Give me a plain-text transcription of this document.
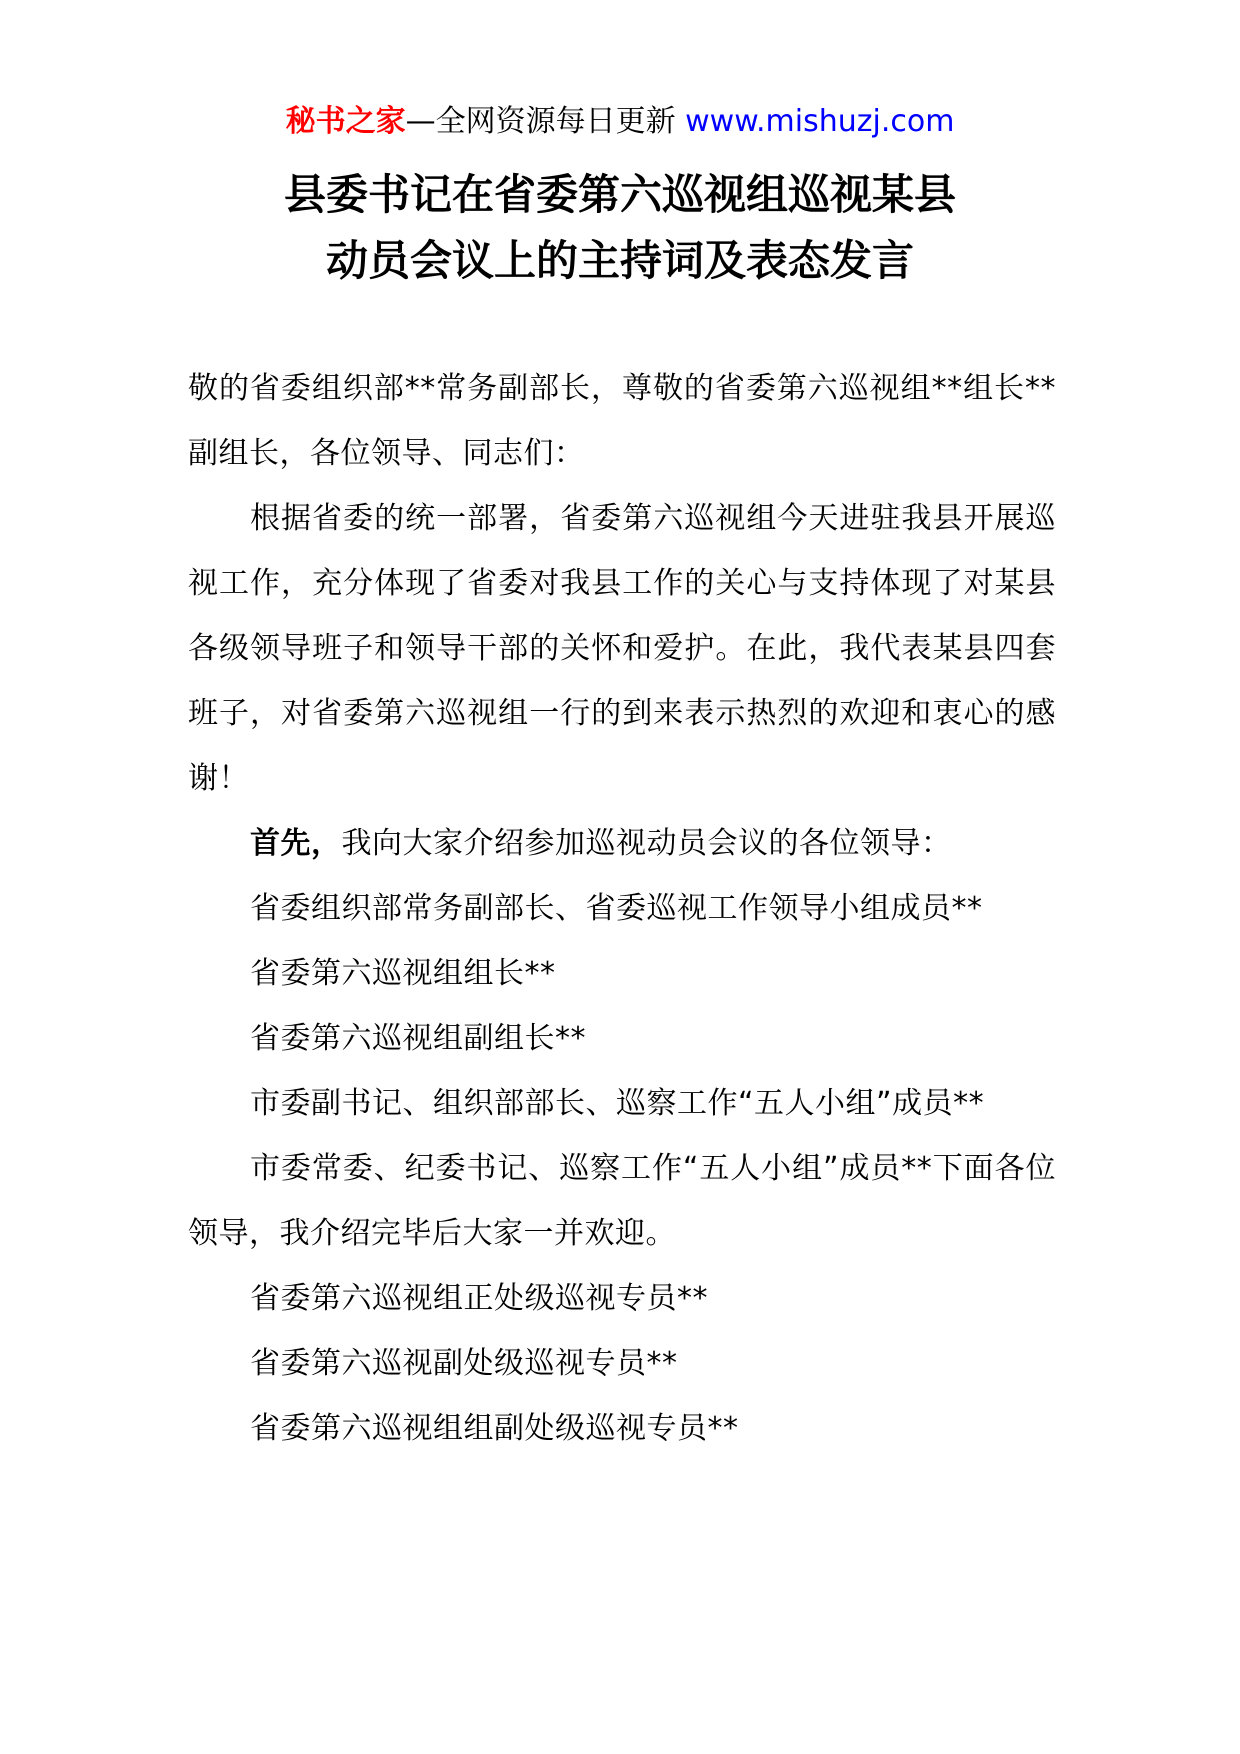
秘书之家—全网资源每日更新 www.mishuzj.com
县委书记在省委第六巡视组巡视某县
动员会议上的主持词及表态发言

敬的省委组织部**常务副部长，尊敬的省委第六巡视组**组长**副组长，各位领导、同志们：

根据省委的统一部署，省委第六巡视组今天进驻我县开展巡视工作，充分体现了省委对我县工作的关心与支持体现了对某县各级领导班子和领导干部的关怀和爱护。在此，我代表某县四套班子，对省委第六巡视组一行的到来表示热烈的欢迎和衷心的感谢！

首先，我向大家介绍参加巡视动员会议的各位领导：

省委组织部常务副部长、省委巡视工作领导小组成员**

省委第六巡视组组长**

省委第六巡视组副组长**

市委副书记、组织部部长、巡察工作“五人小组”成员**

市委常委、纪委书记、巡察工作“五人小组”成员**下面各位领导，我介绍完毕后大家一并欢迎。

省委第六巡视组正处级巡视专员**

省委第六巡视副处级巡视专员**

省委第六巡视组组副处级巡视专员**
